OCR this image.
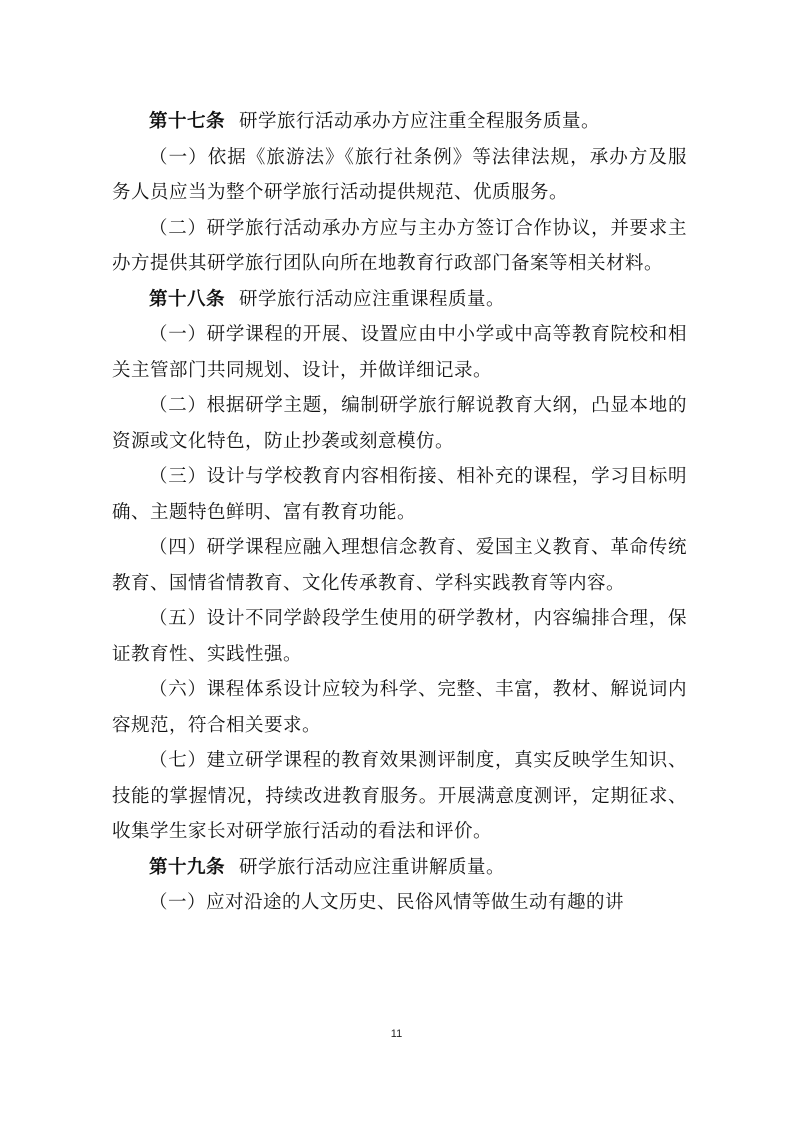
第十七条 研学旅行活动承办方应注重全程服务质量。

（一）依据《旅游法》《旅行社条例》等法律法规，承办方及服务人员应当为整个研学旅行活动提供规范、优质服务。

（二）研学旅行活动承办方应与主办方签订合作协议，并要求主办方提供其研学旅行团队向所在地教育行政部门备案等相关材料。

第十八条 研学旅行活动应注重课程质量。

（一）研学课程的开展、设置应由中小学或中高等教育院校和相关主管部门共同规划、设计，并做详细记录。

（二）根据研学主题，编制研学旅行解说教育大纲，凸显本地的资源或文化特色，防止抄袭或刻意模仿。

（三）设计与学校教育内容相衔接、相补充的课程，学习目标明确、主题特色鲜明、富有教育功能。

（四）研学课程应融入理想信念教育、爱国主义教育、革命传统教育、国情省情教育、文化传承教育、学科实践教育等内容。

（五）设计不同学龄段学生使用的研学教材，内容编排合理，保证教育性、实践性强。

（六）课程体系设计应较为科学、完整、丰富，教材、解说词内容规范，符合相关要求。

（七）建立研学课程的教育效果测评制度，真实反映学生知识、技能的掌握情况，持续改进教育服务。开展满意度测评，定期征求、收集学生家长对研学旅行活动的看法和评价。

第十九条 研学旅行活动应注重讲解质量。

（一）应对沿途的人文历史、民俗风情等做生动有趣的讲

11
